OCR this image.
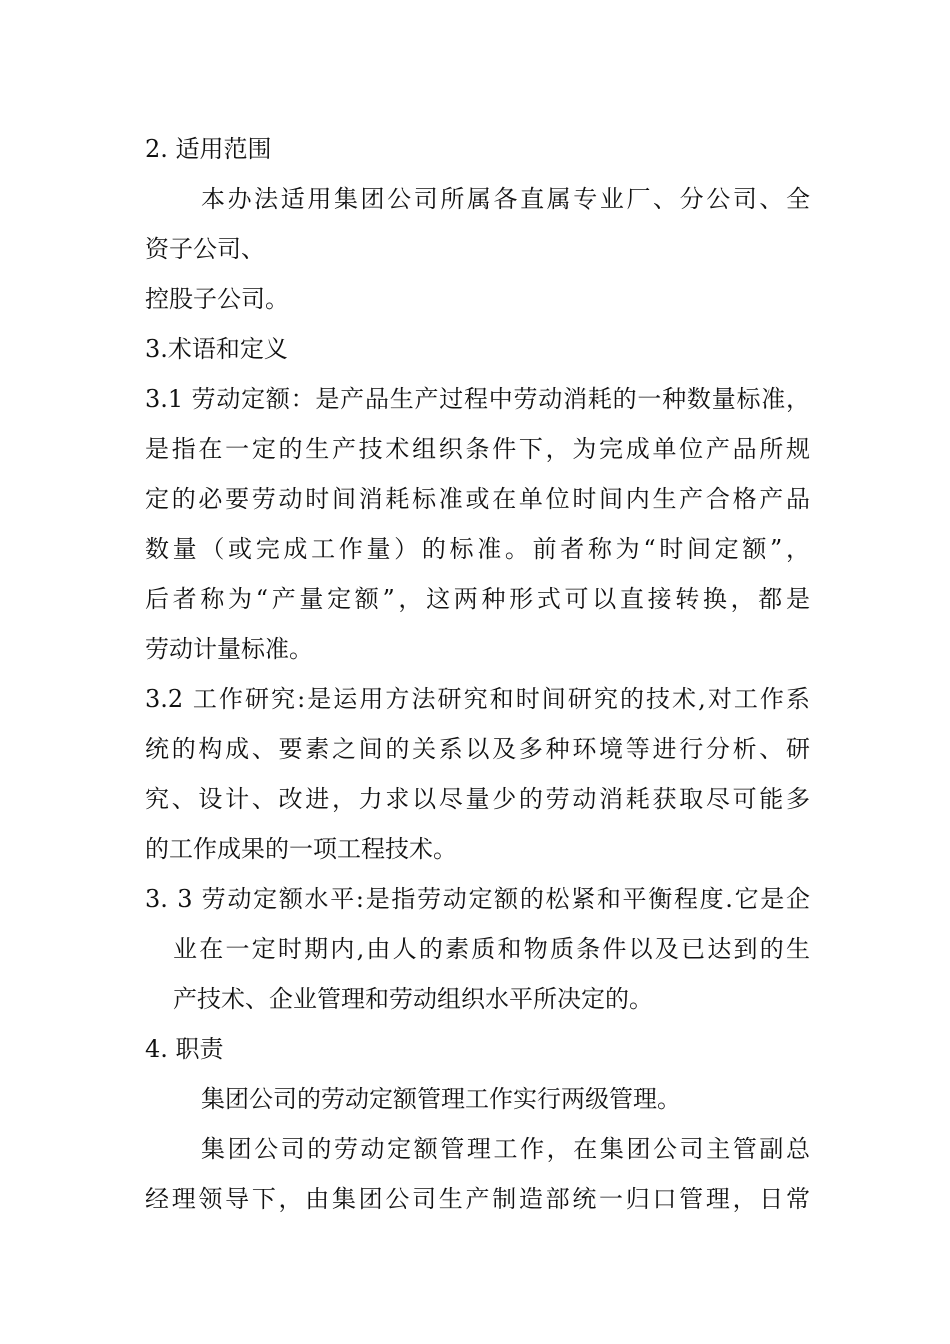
2. 适用范围
本办法适用集团公司所属各直属专业厂、分公司、全
资子公司、
控股子公司。
3.术语和定义
3.1 劳动定额：是产品生产过程中劳动消耗的一种数量标准，
是指在一定的生产技术组织条件下，为完成单位产品所规
定的必要劳动时间消耗标准或在单位时间内生产合格产品
数量（或完成工作量）的标准。前者称为“时间定额”，
后者称为“产量定额”，这两种形式可以直接转换，都是
劳动计量标准。
3.2 工作研究:是运用方法研究和时间研究的技术,对工作系
统的构成、要素之间的关系以及多种环境等进行分析、研
究、设计、改进，力求以尽量少的劳动消耗获取尽可能多
的工作成果的一项工程技术。
3. 3 劳动定额水平:是指劳动定额的松紧和平衡程度.它是企
业在一定时期内,由人的素质和物质条件以及已达到的生
产技术、企业管理和劳动组织水平所决定的。
4. 职责
集团公司的劳动定额管理工作实行两级管理。
集团公司的劳动定额管理工作，在集团公司主管副总
经理领导下，由集团公司生产制造部统一归口管理，日常
